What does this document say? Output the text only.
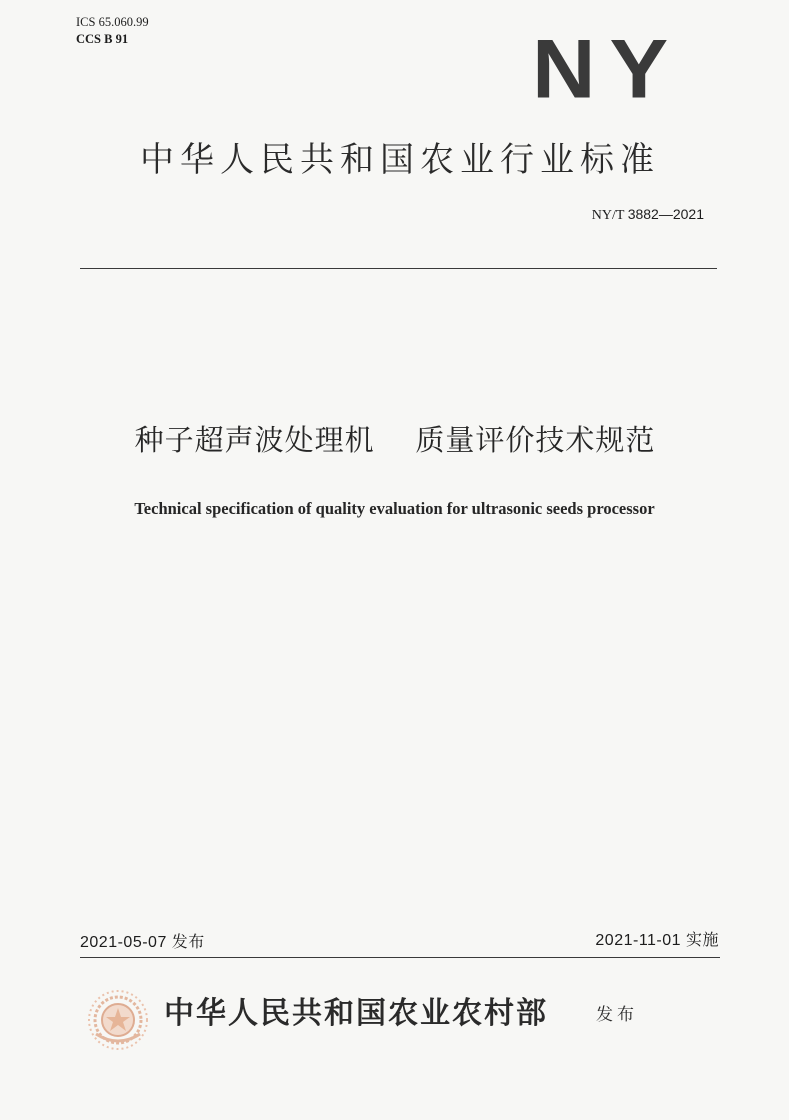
ICS 65.060.99
CCS B 91	NY
中华人民共和国农业行业标准
NY/T 3882—2021
种子超声波处理机    质量评价技术规范
Technical specification of quality evaluation for ultrasonic seeds processor
2021-05-07 发布	2021-11-01 实施
中华人民共和国农业农村部	发布
